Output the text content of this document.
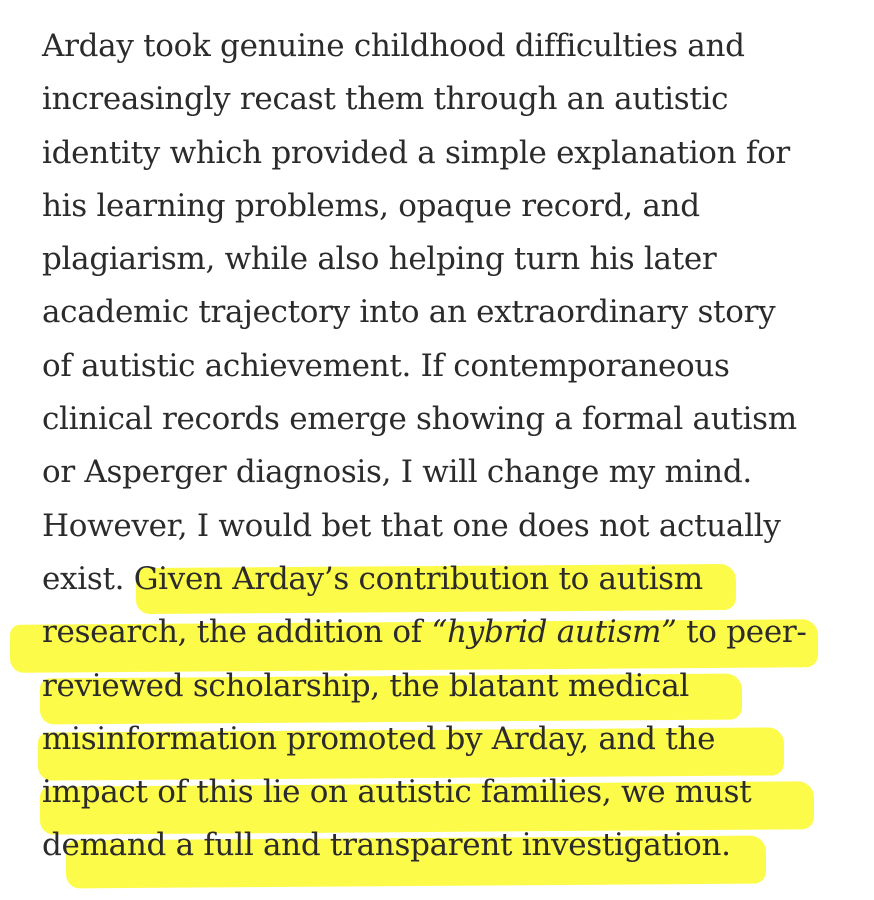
Arday took genuine childhood difficulties and
increasingly recast them through an autistic
identity which provided a simple explanation for
his learning problems, opaque record, and
plagiarism, while also helping turn his later
academic trajectory into an extraordinary story
of autistic achievement. If contemporaneous
clinical records emerge showing a formal autism
or Asperger diagnosis, I will change my mind.
However, I would bet that one does not actually
exist. Given Arday’s contribution to autism
research, the addition of “hybrid autism” to peer-
reviewed scholarship, the blatant medical
misinformation promoted by Arday, and the
impact of this lie on autistic families, we must
demand a full and transparent investigation.
